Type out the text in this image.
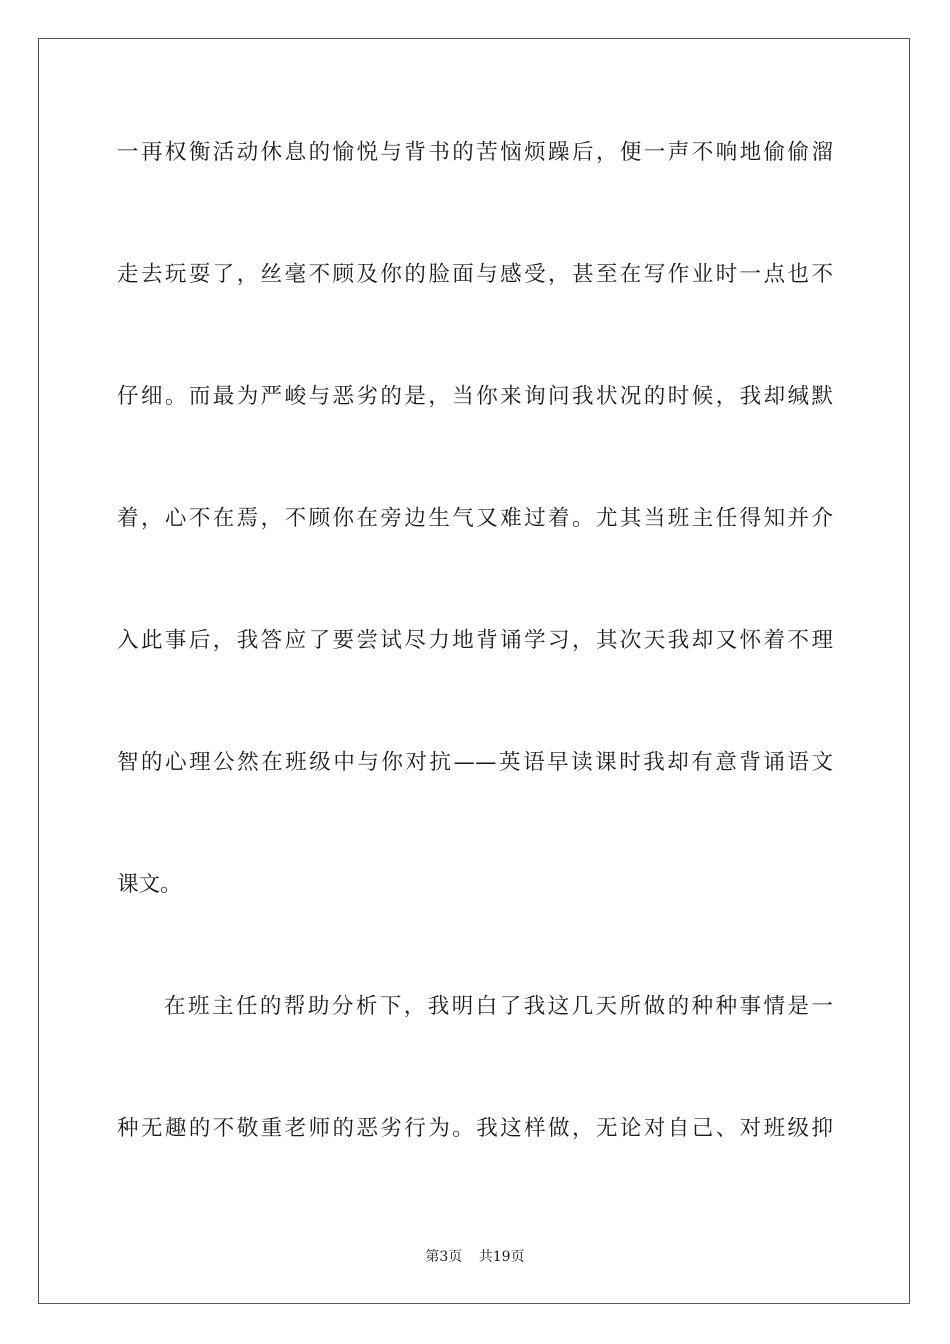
一再权衡活动休息的愉悦与背书的苦恼烦躁后，便一声不响地偷偷溜
走去玩耍了，丝毫不顾及你的脸面与感受，甚至在写作业时一点也不
仔细。而最为严峻与恶劣的是，当你来询问我状况的时候，我却缄默
着，心不在焉，不顾你在旁边生气又难过着。尤其当班主任得知并介
入此事后，我答应了要尝试尽力地背诵学习，其次天我却又怀着不理
智的心理公然在班级中与你对抗——英语早读课时我却有意背诵语文
课文。
在班主任的帮助分析下，我明白了我这几天所做的种种事情是一
种无趣的不敬重老师的恶劣行为。我这样做，无论对自己、对班级抑
第3页 共19页
